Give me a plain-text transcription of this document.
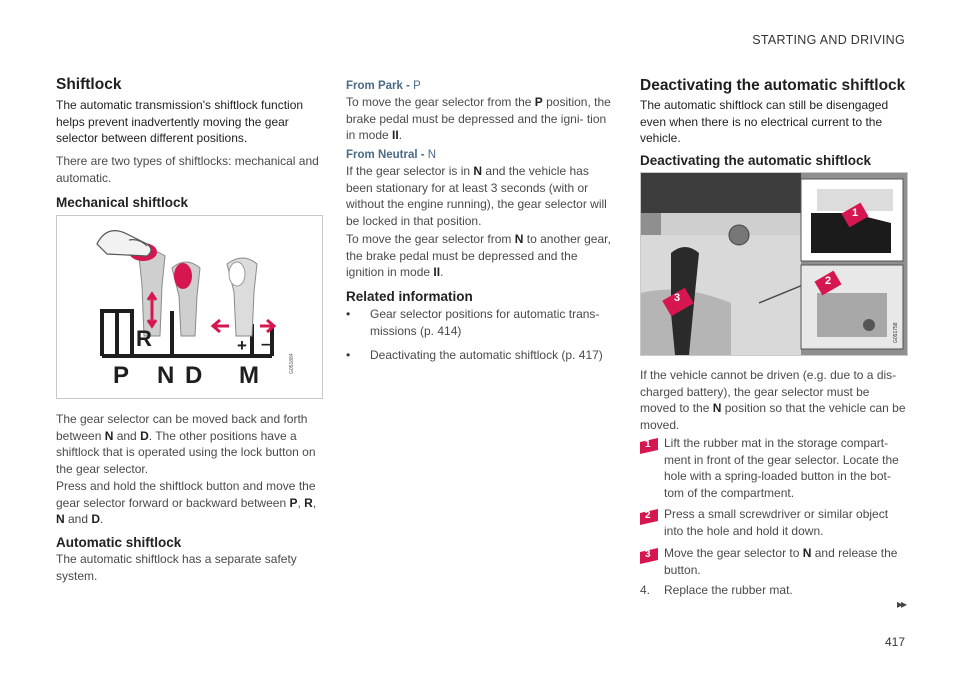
STARTING AND DRIVING
▸▸
417
Shiftlock

The automatic transmission's shiftlock function helps prevent inadvertently moving the gear selector between different positions.

There are two types of shiftlocks: mechanical and automatic.

Mechanical shiftlock
R	+ –
P N D M	G051884

The gear selector can be moved back and forth between N and D. The other positions have a shiftlock that is operated using the lock button on the gear selector.

Press and hold the shiftlock button and move the gear selector forward or backward between P, R, N and D.

Automatic shiftlock

The automatic shiftlock has a separate safety system.

From Park - P

To move the gear selector from the P position, the brake pedal must be depressed and the igni- tion in mode II.

From Neutral - N

If the gear selector is in N and the vehicle has been stationary for at least 3 seconds (with or without the engine running), the gear selector will be locked in that position.

To move the gear selector from N to another gear, the brake pedal must be depressed and the ignition in mode II.

Related information
•	Gear selector positions for automatic trans- missions (p. 414)
•	Deactivating the automatic shiftlock (p. 417)
Deactivating the automatic shiftlock

The automatic shiftlock can still be disengaged even when there is no electrical current to the vehicle.

Deactivating the automatic shiftlock
3
1
2
G051758

If the vehicle cannot be driven (e.g. due to a dis- charged battery), the gear selector must be moved to the N position so that the vehicle can be moved.

1 Lift the rubber mat in the storage compart- ment in front of the gear selector. Locate the hole with a spring-loaded button in the bot- tom of the compartment.
2 Press a small screwdriver or similar object into the hole and hold it down.
3 Move the gear selector to N and release the button.
4. Replace the rubber mat.
